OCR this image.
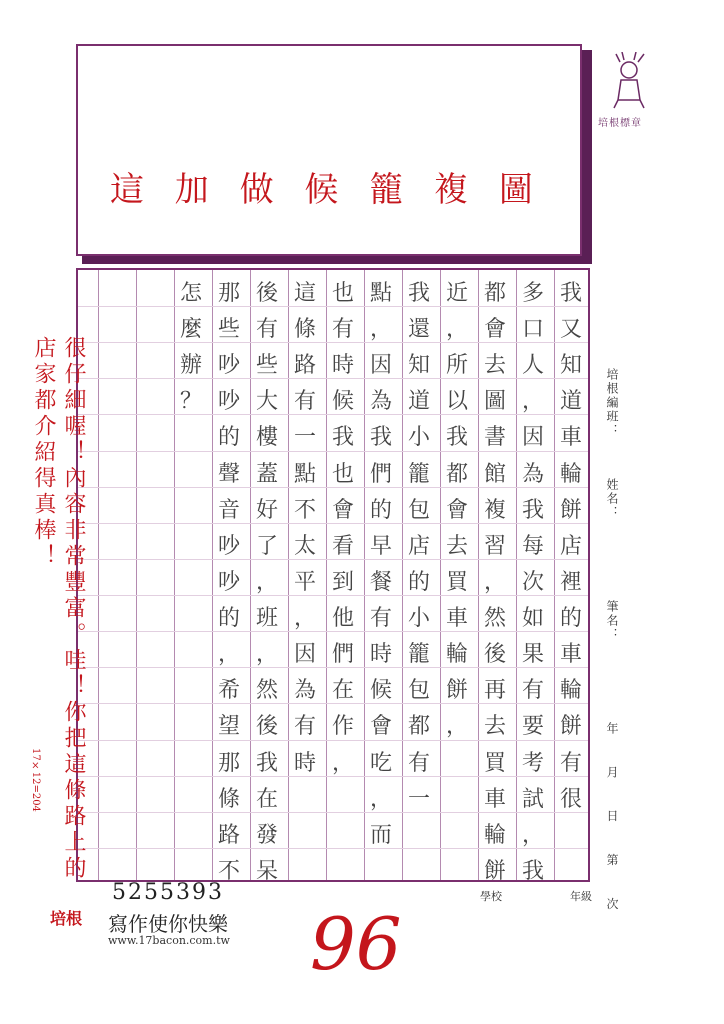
這 加 做 候 籠 複 圖
培根標章
我
又
知
道
車
輪
餅
店
裡
的
車
輪
餅
有
很
多
口
人
，
因
為
我
每
次
如
果
有
要
考
試
，
我
都
會
去
圖
書
館
複
習
，
然
後
再
去
買
車
輪
餅
近
，
所
以
我
都
會
去
買
車
輪
餅
，
我
還
知
道
小
籠
包
店
的
小
籠
包
都
有
一
點
，
因
為
我
們
的
早
餐
有
時
候
會
吃
，
而
也
有
時
候
我
也
會
看
到
他
們
在
作
，
這
條
路
有
一
點
不
太
平
，
因
為
有
時
後
有
些
大
樓
蓋
好
了
，
班
，
然
後
我
在
發
呆
那
些
吵
吵
的
聲
音
吵
吵
的
，
希
望
那
條
路
不
怎
麼
辦
？	培根編班：
姓名：
筆名：
年 月 日 第 次
學校	年級
很仔細喔！內容非常豐富。哇！你把這條路上的店家都介紹得真棒！
17×12=204
培根
5255393
寫作使你快樂
www.17bacon.com.tw 96
